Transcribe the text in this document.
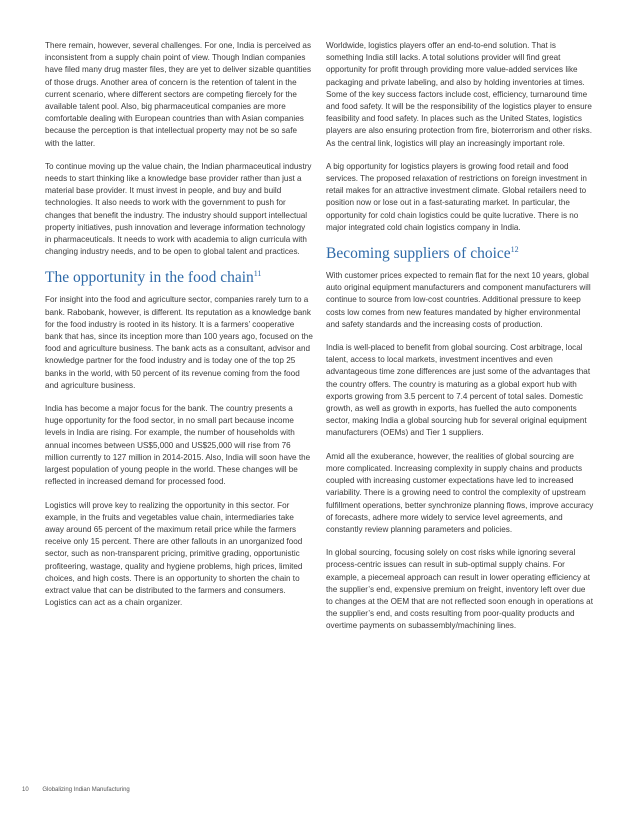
There remain, however, several challenges. For one, India is perceived as inconsistent from a supply chain point of view. Though Indian companies have filed many drug master files, they are yet to deliver sizable quantities of those drugs. Another area of concern is the retention of talent in the current scenario, where different sectors are competing fiercely for the available talent pool. Also, big pharmaceutical companies are more comfortable dealing with European countries than with Asian companies because the perception is that intellectual property may not be so safe with the latter.

To continue moving up the value chain, the Indian pharmaceutical industry needs to start thinking like a knowledge base provider rather than just a material base provider. It must invest in people, and buy and build technologies. It also needs to work with the government to push for changes that benefit the industry. The industry should support intellectual property initiatives, push innovation and leverage information technology in pharmaceuticals. It needs to work with academia to align curricula with changing industry needs, and to be open to global talent and practices.

The opportunity in the food chain$^{11}$

For insight into the food and agriculture sector, companies rarely turn to a bank. Rabobank, however, is different. Its reputation as a knowledge bank for the food industry is rooted in its history. It is a farmers’ cooperative bank that has, since its inception more than 100 years ago, focused on the food and agriculture business. The bank acts as a consultant, advisor and knowledge partner for the food industry and is today one of the top 25 banks in the world, with 50 percent of its revenue coming from the food and agriculture business.

India has become a major focus for the bank. The country presents a huge opportunity for the food sector, in no small part because income levels in India are rising. For example, the number of households with annual incomes between US$5,000 and US$25,000 will rise from 76 million currently to 127 million in 2014-2015. Also, India will soon have the largest population of young people in the world. These changes will be reflected in increased demand for processed food.

Logistics will prove key to realizing the opportunity in this sector. For example, in the fruits and vegetables value chain, intermediaries take away around 65 percent of the maximum retail price while the farmers receive only 15 percent. There are other fallouts in an unorganized food sector, such as non-transparent pricing, primitive grading, opportunistic profiteering, wastage, quality and hygiene problems, high prices, limited choices, and high costs. There is an opportunity to shorten the chain to extract value that can be distributed to the farmers and consumers. Logistics can act as a chain organizer.

Worldwide, logistics players offer an end-to-end solution. That is something India still lacks. A total solutions provider will find great opportunity for profit through providing more value-added services like packaging and private labeling, and also by holding inventories at times. Some of the key success factors include cost, efficiency, turnaround time and food safety. It will be the responsibility of the logistics player to ensure feasibility and food safety. In places such as the United States, logistics players are also ensuring protection from fire, bioterrorism and other risks. As the central link, logistics will play an increasingly important role.

A big opportunity for logistics players is growing food retail and food services. The proposed relaxation of restrictions on foreign investment in retail makes for an attractive investment climate. Global retailers need to position now or lose out in a fast-saturating market. In particular, the opportunity for cold chain logistics could be quite lucrative. There is no major integrated cold chain logistics company in India.

Becoming suppliers of choice$^{12}$

With customer prices expected to remain flat for the next 10 years, global auto original equipment manufacturers and component manufacturers will continue to source from low-cost countries. Additional pressure to keep costs low comes from new features mandated by higher environmental and safety standards and the increasing costs of production.

India is well-placed to benefit from global sourcing. Cost arbitrage, local talent, access to local markets, investment incentives and even advantageous time zone differences are just some of the advantages that the country offers. The country is maturing as a global export hub with exports growing from 3.5 percent to 7.4 percent of total sales. Domestic growth, as well as growth in exports, has fuelled the auto components sector, making India a global sourcing hub for several original equipment manufacturers (OEMs) and Tier 1 suppliers.

Amid all the exuberance, however, the realities of global sourcing are more complicated. Increasing complexity in supply chains and products coupled with increasing customer expectations have led to increased variability. There is a growing need to control the complexity of upstream fulfillment operations, better synchronize planning flows, improve accuracy of forecasts, adhere more widely to service level agreements, and constantly review planning parameters and policies.

In global sourcing, focusing solely on cost risks while ignoring several process-centric issues can result in sub-optimal supply chains. For example, a piecemeal approach can result in lower operating efficiency at the supplier’s end, expensive premium on freight, inventory left over due to changes at the OEM that are not reflected soon enough in operations at the supplier’s end, and costs resulting from poor-quality products and overtime payments on subassembly/machining lines.

10 Globalizing Indian Manufacturing
